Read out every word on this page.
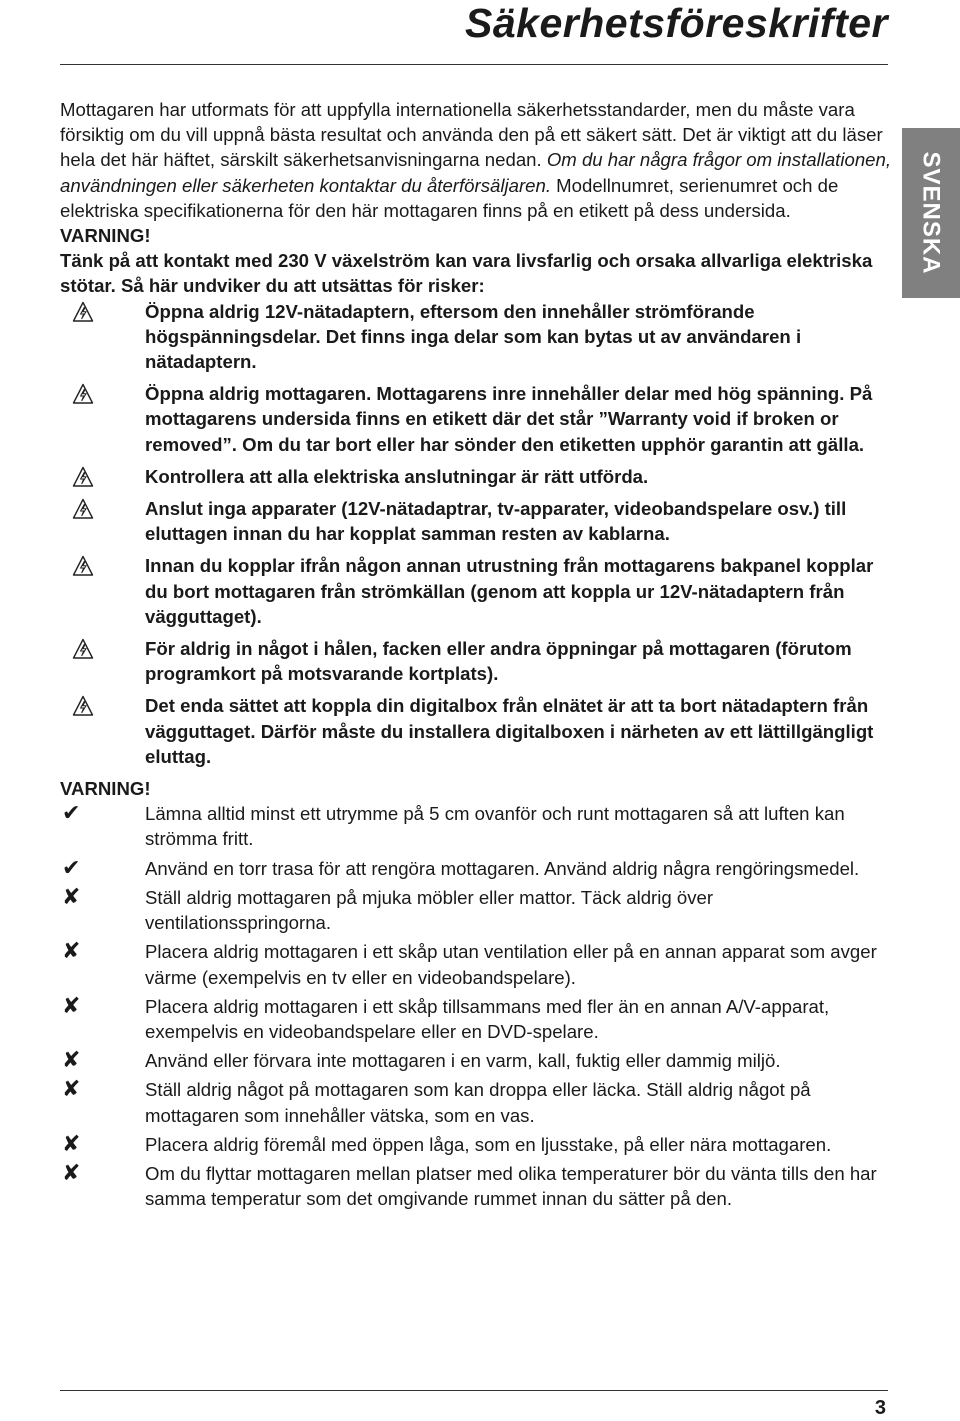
Säkerhetsföreskrifter
SVENSKA

Mottagaren har utformats för att uppfylla internationella säkerhetsstandarder, men du måste vara försiktig om du vill uppnå bästa resultat och använda den på ett säkert sätt. Det är viktigt att du läser hela det här häftet, särskilt säkerhetsanvisningarna nedan. Om du har några frågor om installationen, användningen eller säkerheten kontaktar du återförsäljaren. Modellnumret, serienumret och de elektriska specifikationerna för den här mottagaren finns på en etikett på dess undersida.

VARNING!

Tänk på att kontakt med 230 V växelström kan vara livsfarlig och orsaka allvarliga elektriska stötar. Så här undviker du att utsättas för risker:

Öppna aldrig 12V-nätadaptern, eftersom den innehåller strömförande högspänningsdelar. Det finns inga delar som kan bytas ut av användaren i nätadaptern.
Öppna aldrig mottagaren. Mottagarens inre innehåller delar med hög spänning. På mottagarens undersida finns en etikett där det står ”Warranty void if broken or removed”. Om du tar bort eller har sönder den etiketten upphör garantin att gälla.
Kontrollera att alla elektriska anslutningar är rätt utförda.
Anslut inga apparater (12V-nätadaptrar, tv-apparater, videobandspelare osv.) till eluttagen innan du har kopplat samman resten av kablarna.
Innan du kopplar ifrån någon annan utrustning från mottagarens bakpanel kopplar du bort mottagaren från strömkällan (genom att koppla ur 12V-nätadaptern från vägguttaget).
För aldrig in något i hålen, facken eller andra öppningar på mottagaren (förutom programkort på motsvarande kortplats).
Det enda sättet att koppla din digitalbox från elnätet är att ta bort nätadaptern från vägguttaget. Därför måste du installera digitalboxen i närheten av ett lättillgängligt eluttag.

VARNING!

✔	Lämna alltid minst ett utrymme på 5 cm ovanför och runt mottagaren så att luften kan strömma fritt.
✔	Använd en torr trasa för att rengöra mottagaren. Använd aldrig några rengöringsmedel.
✘	Ställ aldrig mottagaren på mjuka möbler eller mattor. Täck aldrig över ventilationsspringorna.
✘	Placera aldrig mottagaren i ett skåp utan ventilation eller på en annan apparat som avger värme (exempelvis en tv eller en videobandspelare).
✘	Placera aldrig mottagaren i ett skåp tillsammans med fler än en annan A/V-apparat, exempelvis en videobandspelare eller en DVD-spelare.
✘	Använd eller förvara inte mottagaren i en varm, kall, fuktig eller dammig miljö.
✘	Ställ aldrig något på mottagaren som kan droppa eller läcka. Ställ aldrig något på mottagaren som innehåller vätska, som en vas.
✘	Placera aldrig föremål med öppen låga, som en ljusstake, på eller nära mottagaren.
✘	Om du flyttar mottagaren mellan platser med olika temperaturer bör du vänta tills den har samma temperatur som det omgivande rummet innan du sätter på den.
3
